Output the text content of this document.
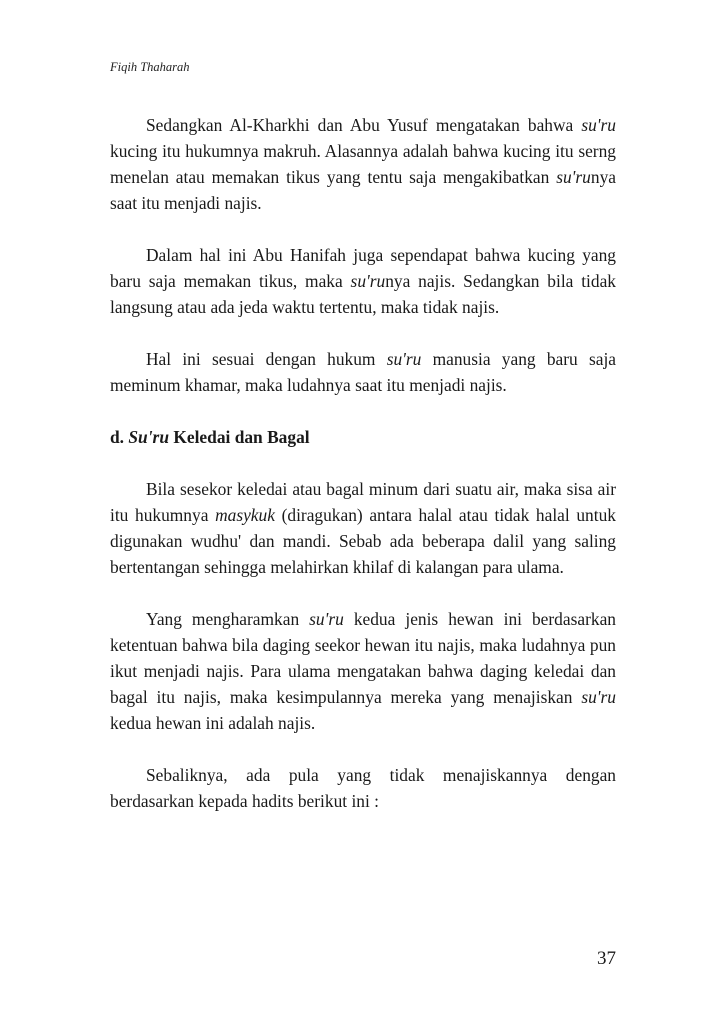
Fiqih Thaharah

Sedangkan Al-Kharkhi dan Abu Yusuf mengatakan bahwa su'ru kucing itu hukumnya makruh. Alasannya adalah bahwa kucing itu serng menelan atau memakan tikus yang tentu saja mengakibatkan su'runya saat itu menjadi najis.

Dalam hal ini Abu Hanifah juga sependapat bahwa kucing yang baru saja memakan tikus, maka su'runya najis. Sedangkan bila tidak langsung atau ada jeda waktu tertentu, maka tidak najis.

Hal ini sesuai dengan hukum su'ru manusia yang baru saja meminum khamar, maka ludahnya saat itu menjadi najis.

d. Su'ru Keledai dan Bagal

Bila sesekor keledai atau bagal minum dari suatu air, maka sisa air itu hukumnya masykuk (diragukan) antara halal atau tidak halal untuk digunakan wudhu' dan mandi. Sebab ada beberapa dalil yang saling bertentangan sehingga melahirkan khilaf di kalangan para ulama.

Yang mengharamkan su'ru kedua jenis hewan ini berdasarkan ketentuan bahwa bila daging seekor hewan itu najis, maka ludahnya pun ikut menjadi najis. Para ulama mengatakan bahwa daging keledai dan bagal itu najis, maka kesimpulannya mereka yang menajiskan su'ru kedua hewan ini adalah najis.

Sebaliknya, ada pula yang tidak menajiskannya dengan berdasarkan kepada hadits berikut ini :

37
